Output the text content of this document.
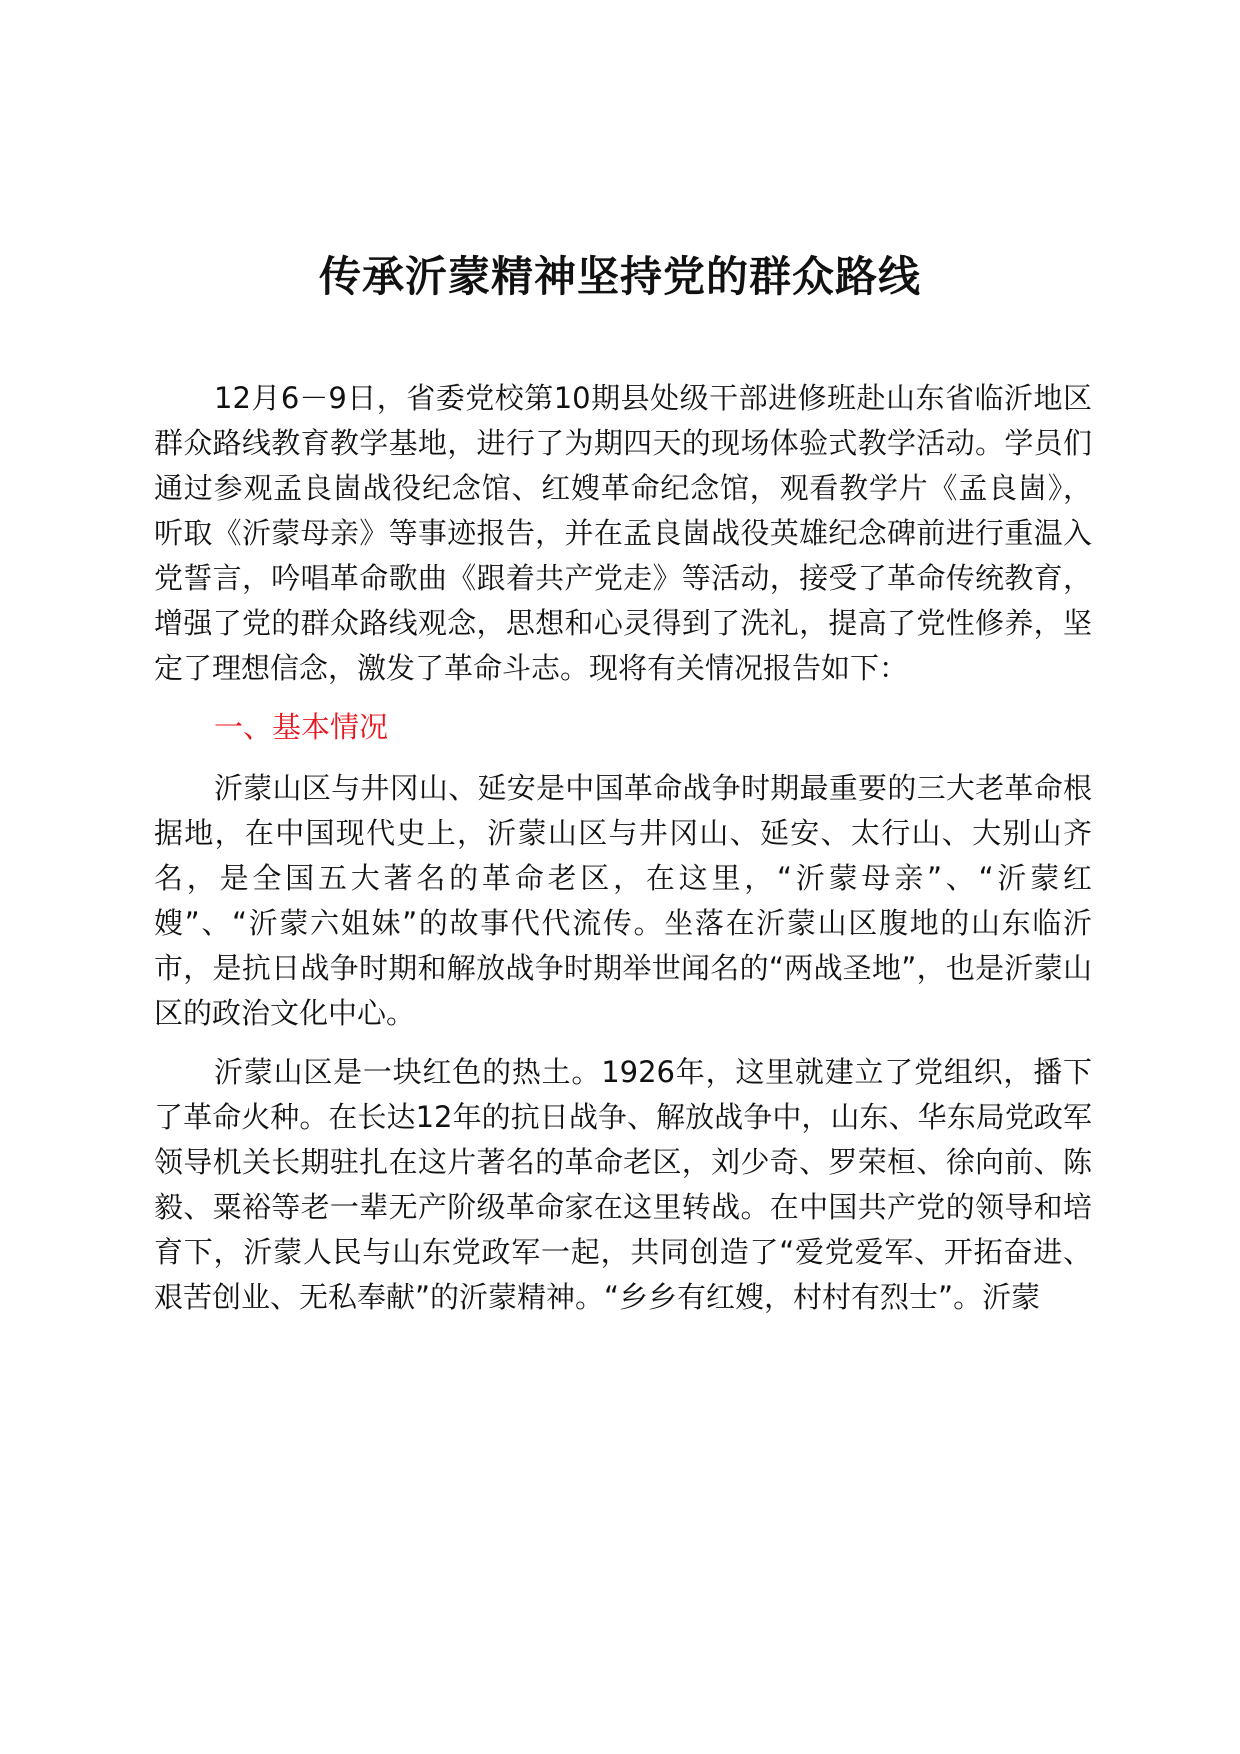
传承沂蒙精神坚持党的群众路线

12月6－9日，省委党校第10期县处级干部进修班赴山东省临沂地区群众路线教育教学基地，进行了为期四天的现场体验式教学活动。学员们通过参观孟良崮战役纪念馆、红嫂革命纪念馆，观看教学片《孟良崮》，听取《沂蒙母亲》等事迹报告，并在孟良崮战役英雄纪念碑前进行重温入党誓言，吟唱革命歌曲《跟着共产党走》等活动，接受了革命传统教育，增强了党的群众路线观念，思想和心灵得到了洗礼，提高了党性修养，坚定了理想信念，激发了革命斗志。现将有关情况报告如下：

一、基本情况

沂蒙山区与井冈山、延安是中国革命战争时期最重要的三大老革命根据地，在中国现代史上，沂蒙山区与井冈山、延安、太行山、大别山齐名，是全国五大著名的革命老区，在这里，“沂蒙母亲”、“沂蒙红嫂”、“沂蒙六姐妹”的故事代代流传。坐落在沂蒙山区腹地的山东临沂市，是抗日战争时期和解放战争时期举世闻名的“两战圣地”，也是沂蒙山区的政治文化中心。

沂蒙山区是一块红色的热土。1926年，这里就建立了党组织，播下了革命火种。在长达12年的抗日战争、解放战争中，山东、华东局党政军领导机关长期驻扎在这片著名的革命老区，刘少奇、罗荣桓、徐向前、陈毅、粟裕等老一辈无产阶级革命家在这里转战。在中国共产党的领导和培育下，沂蒙人民与山东党政军一起，共同创造了“爱党爱军、开拓奋进、艰苦创业、无私奉献”的沂蒙精神。“乡乡有红嫂，村村有烈士”。沂蒙
